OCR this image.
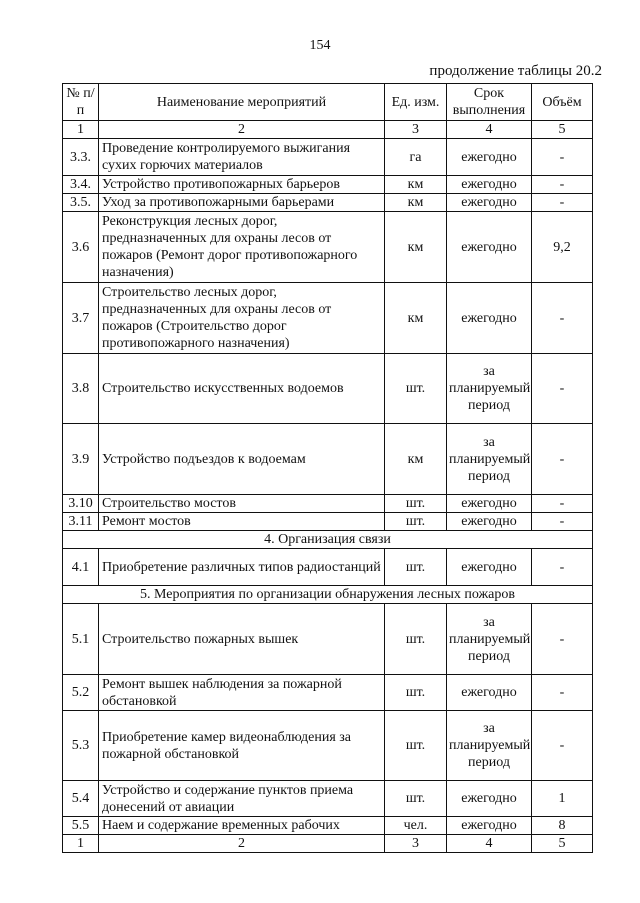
154
продолжение таблицы 20.2
№ п/п	Наименование мероприятий	Ед. изм.	Срок выполнения	Объём
1	2	3	4	5
3.3.	Проведение контролируемого выжигания сухих горючих материалов	га	ежегодно	-
3.4.	Устройство противопожарных барьеров	км	ежегодно	-
3.5.	Уход за противопожарными барьерами	км	ежегодно	-
3.6	Реконструкция лесных дорог, предназначенных для охраны лесов от пожаров (Ремонт дорог противопожарного назначения)	км	ежегодно	9,2
3.7	Строительство лесных дорог, предназначенных для охраны лесов от пожаров (Строительство дорог противопожарного назначения)	км	ежегодно	-
3.8	Строительство искусственных водоемов	шт.	за планируемый период	-
3.9	Устройство подъездов к водоемам	км	за планируемый период	-
3.10	Строительство мостов	шт.	ежегодно	-
3.11	Ремонт мостов	шт.	ежегодно	-
4. Организация связи				
4.1	Приобретение различных типов радиостанций	шт.	ежегодно	-
5. Мероприятия по организации обнаружения лесных пожаров				
5.1	Строительство пожарных вышек	шт.	за планируемый период	-
5.2	Ремонт вышек наблюдения за пожарной обстановкой	шт.	ежегодно	-
5.3	Приобретение камер видеонаблюдения за пожарной обстановкой	шт.	за планируемый период	-
5.4	Устройство и содержание пунктов приема донесений от авиации	шт.	ежегодно	1
5.5	Наем и содержание временных рабочих	чел.	ежегодно	8
1	2	3	4	5
